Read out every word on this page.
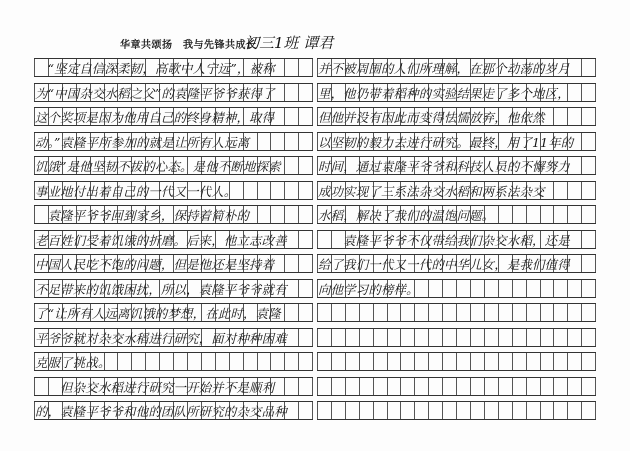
华章共颂扬　我与先锋共成长
初三1班 谭君
　“坚定自信深柔韧，高歌中人宁远”，被称
为“中国杂交水稻之父”的袁隆平爷爷获得了
这个奖项是因为他用自己的终身精神，取得
动。”袁隆平所参加的就是让所有人远离
饥饿”是他坚韧不拔的心态。是他不断地探索
事业地付出着自己的一代又一代人。
　袁隆平爷爷回到家乡，保持着简朴的
老百姓们受着饥饿的折磨。后来，他立志改善
中国人民吃不饱的问题，但是他还是坚持着
不足带来的饥饿困扰，所以，袁隆平爷爷就有
了“让所有人远离饥饿的梦想，在此时，袁隆
平爷爷就对杂交水稻进行研究，面对种种困难
克服了挑战。
　　但杂交水稻进行研究一开始并不是顺利
的，袁隆平爷爷和他的团队所研究的杂交品种
并不被周围的人们所理解，在那个动荡的岁月
里，他仍带着稻种的实验结果走了多个地区，
但他并没有因此而变得怯懦放弃，他依然
以坚韧的毅力去进行研究。最终，用了11年的
时间，通过袁隆平爷爷和科技人员的不懈努力
成功实现了三系法杂交水稻和两系法杂交
水稻，解决了我们的温饱问题。
　　袁隆平爷爷不仅带给我们杂交水稻，还是
给了我们一代又一代的中华儿女，是我们值得
向他学习的榜样。
